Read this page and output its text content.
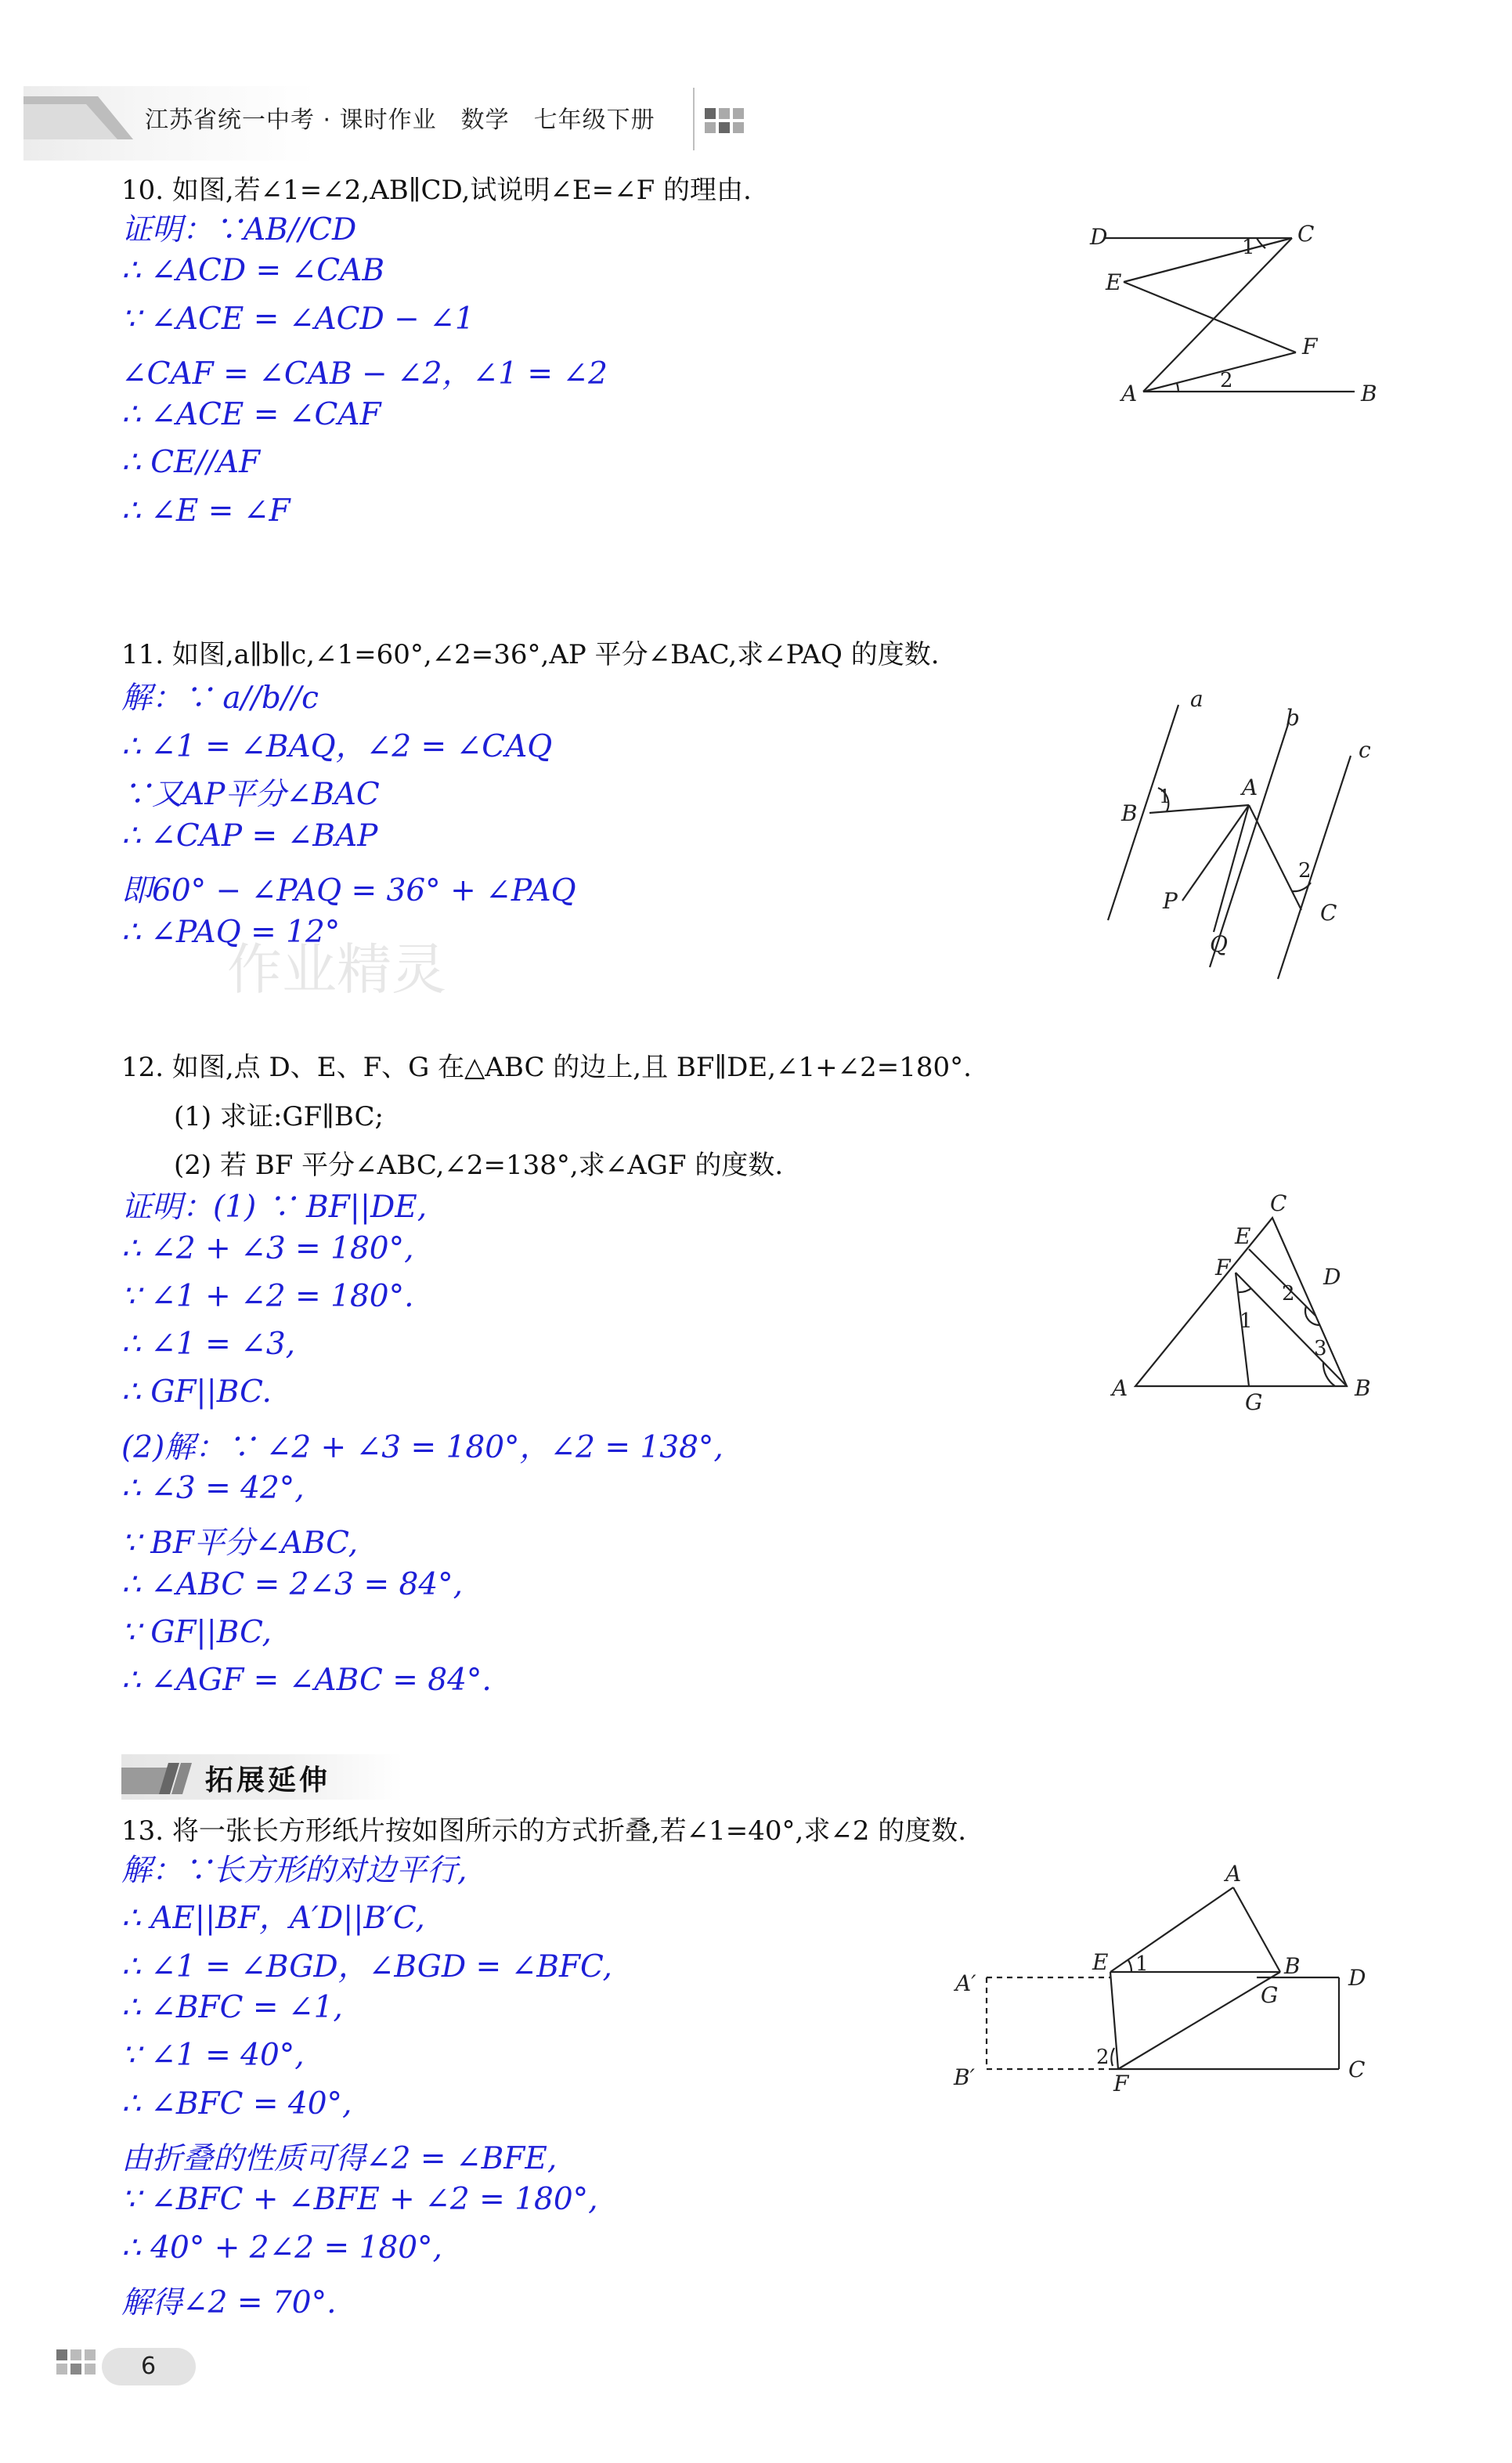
江苏省统一中考 · 课时作业　数学　七年级下册
10. 如图,若∠1=∠2,AB∥CD,试说明∠E=∠F 的理由.
证明：∵AB//CD
∴ ∠ACD = ∠CAB
∵ ∠ACE = ∠ACD − ∠1
∠CAF = ∠CAB − ∠2，∠1 = ∠2
∴ ∠ACE = ∠CAF
∴ CE//AF
∴ ∠E = ∠F
D	C
E
F
A	B
1
2
11. 如图,a∥b∥c,∠1=60°,∠2=36°,AP 平分∠BAC,求∠PAQ 的度数.
解：∵ a//b//c
∴ ∠1 = ∠BAQ，∠2 = ∠CAQ
∵又AP平分∠BAC
∴ ∠CAP = ∠BAP
即60° − ∠PAQ = 36° + ∠PAQ
∴ ∠PAQ = 12°
a
b
c
A
B
C
P
Q
1
2
作业精灵
12. 如图,点 D、E、F、G 在△ABC 的边上,且 BF∥DE,∠1+∠2=180°.
(1) 求证:GF∥BC;
(2) 若 BF 平分∠ABC,∠2=138°,求∠AGF 的度数.
证明：(1) ∵ BF||DE,
∴ ∠2 + ∠3 = 180°,
∵ ∠1 + ∠2 = 180°.
∴ ∠1 = ∠3,
∴ GF||BC.
(2)解：∵ ∠2 + ∠3 = 180°，∠2 = 138°,
∴ ∠3 = 42°,
∵ BF平分∠ABC,
∴ ∠ABC = 2∠3 = 84°,
∵ GF||BC,
∴ ∠AGF = ∠ABC = 84°.
C
E
D
F
A	B
G
1
2
3
拓展延伸
13. 将一张长方形纸片按如图所示的方式折叠,若∠1=40°,求∠2 的度数.
解：∵长方形的对边平行,
∴ AE||BF，A′D||B′C,
∴ ∠1 = ∠BGD，∠BGD = ∠BFC,
∴ ∠BFC = ∠1,
∵ ∠1 = 40°,
∴ ∠BFC = 40°,
由折叠的性质可得∠2 = ∠BFE,
∵ ∠BFC + ∠BFE + ∠2 = 180°,
∴ 40° + 2∠2 = 180°,
解得∠2 = 70°.
A
B D
G
E
C
F
A′
B′
1
2
6
